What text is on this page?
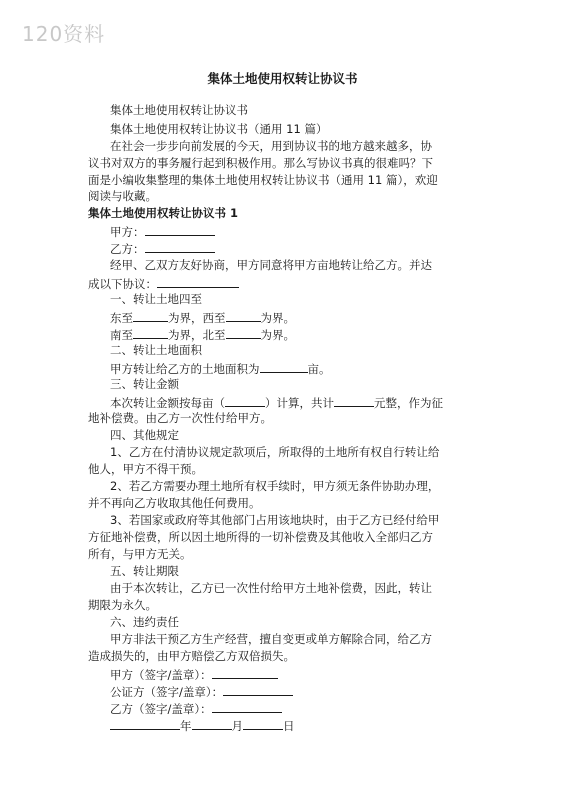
120资料
集体土地使用权转让协议书
集体土地使用权转让协议书
集体土地使用权转让协议书（通用 11 篇）
在社会一步步向前发展的今天，用到协议书的地方越来越多，协
议书对双方的事务履行起到积极作用。那么写协议书真的很难吗？下
面是小编收集整理的集体土地使用权转让协议书（通用 11 篇），欢迎
阅读与收藏。
集体土地使用权转让协议书 1
甲方：
乙方：
经甲、乙双方友好协商，甲方同意将甲方亩地转让给乙方。并达
成以下协议：
一、转让土地四至
东至	为界，西至	为界。
南至	为界，北至	为界。
二、转让土地面积
甲方转让给乙方的土地面积为	亩。
三、转让金额
本次转让金额按每亩（	）计算，共计	元整，作为征
地补偿费。由乙方一次性付给甲方。
四、其他规定
1、乙方在付清协议规定款项后，所取得的土地所有权自行转让给
他人，甲方不得干预。
2、若乙方需要办理土地所有权手续时，甲方须无条件协助办理，
并不再向乙方收取其他任何费用。
3、若国家或政府等其他部门占用该地块时，由于乙方已经付给甲
方征地补偿费，所以因土地所得的一切补偿费及其他收入全部归乙方
所有，与甲方无关。
五、转让期限
由于本次转让，乙方已一次性付给甲方土地补偿费，因此，转让
期限为永久。
六、违约责任
甲方非法干预乙方生产经营，擅自变更或单方解除合同，给乙方
造成损失的，由甲方赔偿乙方双倍损失。
甲方（签字/盖章）：
公证方（签字/盖章）：
乙方（签字/盖章）：
年	月	日
